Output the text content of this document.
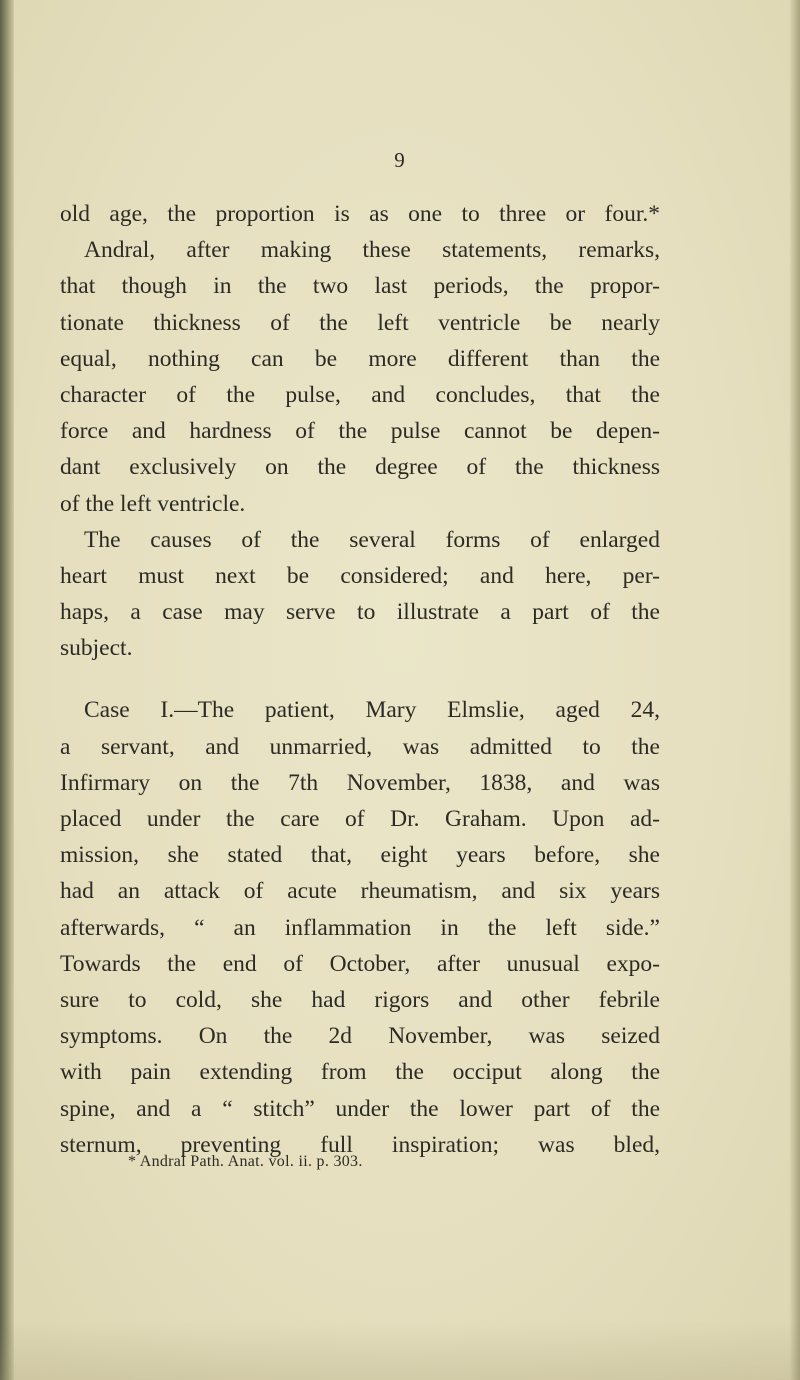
9
old age, the proportion is as one to three or four.*
Andral, after making these statements, remarks,
that though in the two last periods, the propor-
tionate thickness of the left ventricle be nearly
equal, nothing can be more different than the
character of the pulse, and concludes, that the
force and hardness of the pulse cannot be depen-
dant exclusively on the degree of the thickness
of the left ventricle.
The causes of the several forms of enlarged
heart must next be considered; and here, per-
haps, a case may serve to illustrate a part of the
subject.
Case I.—The patient, Mary Elmslie, aged 24,
a servant, and unmarried, was admitted to the
Infirmary on the 7th November, 1838, and was
placed under the care of Dr. Graham. Upon ad-
mission, she stated that, eight years before, she
had an attack of acute rheumatism, and six years
afterwards, “ an inflammation in the left side.”
Towards the end of October, after unusual expo-
sure to cold, she had rigors and other febrile
symptoms. On the 2d November, was seized
with pain extending from the occiput along the
spine, and a “ stitch” under the lower part of the
sternum, preventing full inspiration; was bled,
* Andral Path. Anat. vol. ii. p. 303.
